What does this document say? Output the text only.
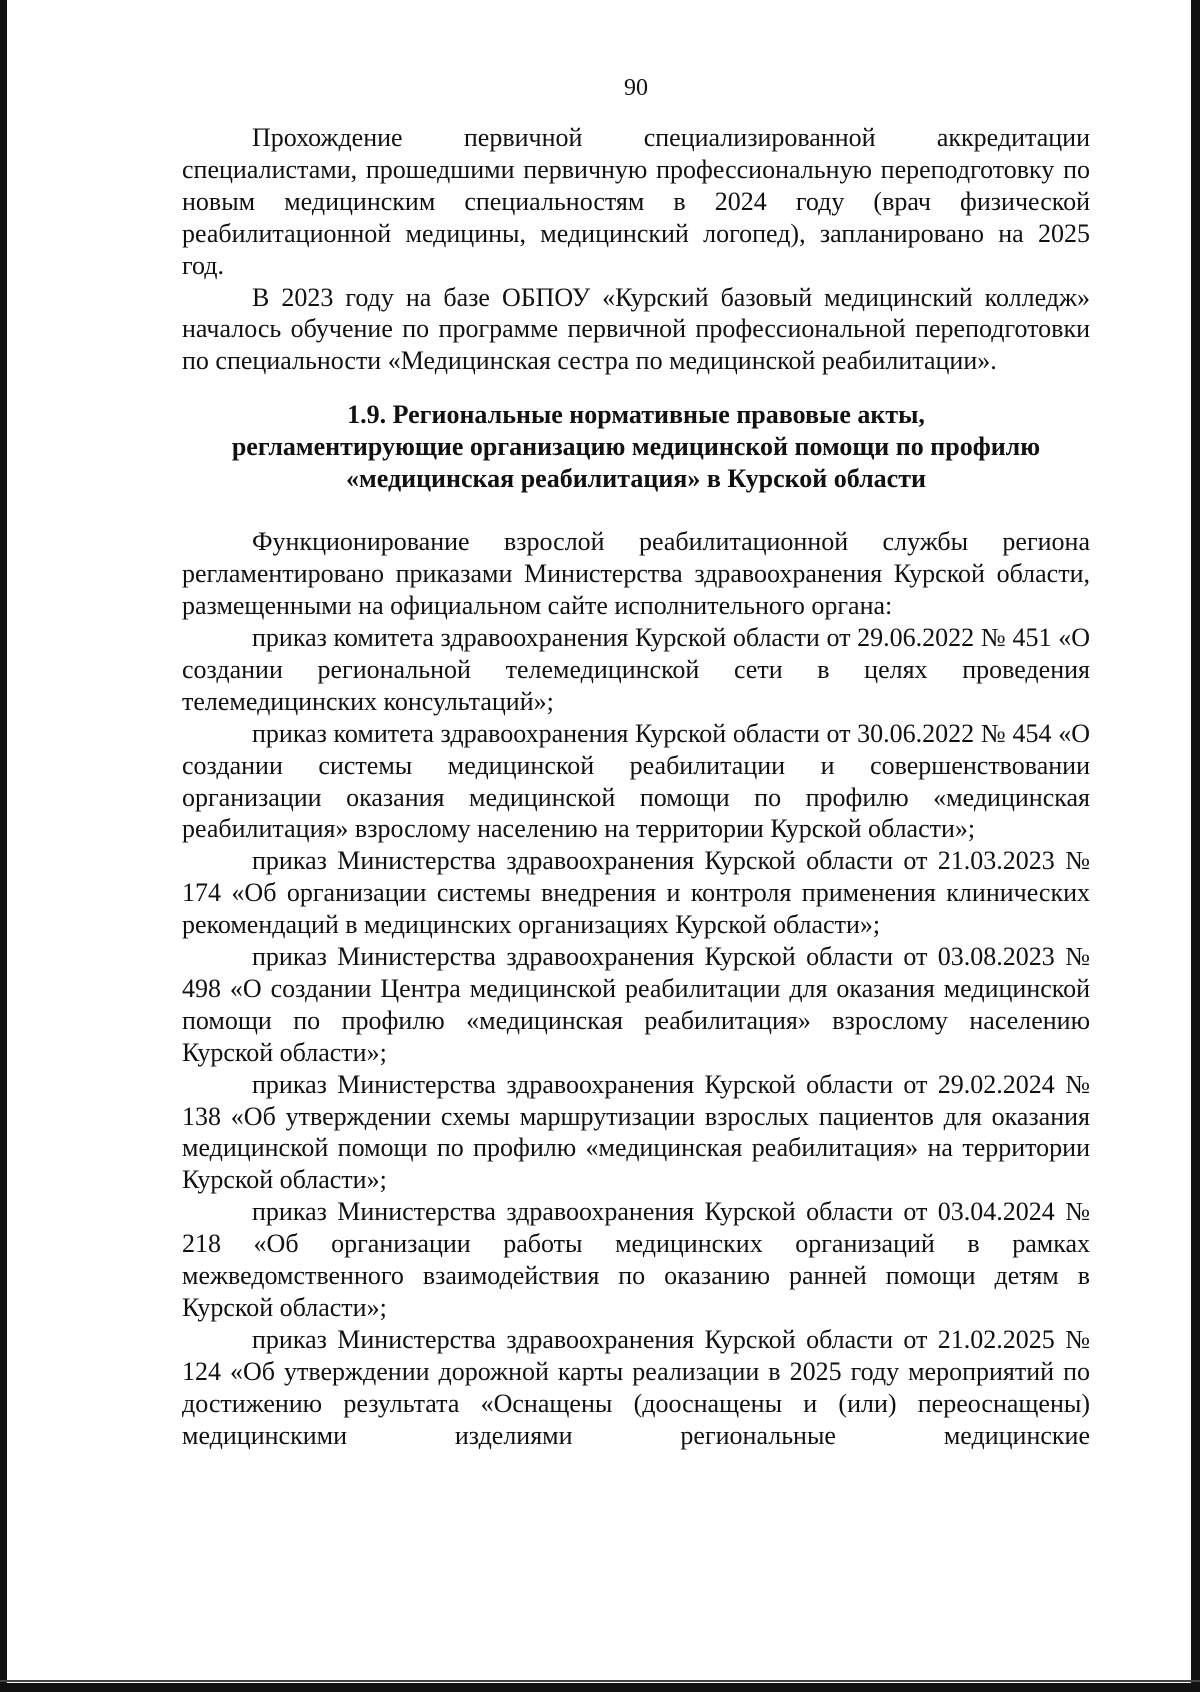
90

Прохождение первичной специализированной аккредитации специалистами, прошедшими первичную профессиональную переподготовку по новым медицинским специальностям в 2024 году (врач физической реабилитационной медицины, медицинский логопед), запланировано на 2025 год.

В 2023 году на базе ОБПОУ «Курский базовый медицинский колледж» началось обучение по программе первичной профессиональной переподготовки по специальности «Медицинская сестра по медицинской реабилитации».

1.9. Региональные нормативные правовые акты,
регламентирующие организацию медицинской помощи по профилю
«медицинская реабилитация» в Курской области

Функционирование взрослой реабилитационной службы региона регламентировано приказами Министерства здравоохранения Курской области, размещенными на официальном сайте исполнительного органа:

приказ комитета здравоохранения Курской области от 29.06.2022 № 451 «О создании региональной телемедицинской сети в целях проведения телемедицинских консультаций»;

приказ комитета здравоохранения Курской области от 30.06.2022 № 454 «О создании системы медицинской реабилитации и совершенствовании организации оказания медицинской помощи по профилю «медицинская реабилитация» взрослому населению на территории Курской области»;

приказ Министерства здравоохранения Курской области от 21.03.2023 № 174 «Об организации системы внедрения и контроля применения клинических рекомендаций в медицинских организациях Курской области»;

приказ Министерства здравоохранения Курской области от 03.08.2023 № 498 «О создании Центра медицинской реабилитации для оказания медицинской помощи по профилю «медицинская реабилитация» взрослому населению Курской области»;

приказ Министерства здравоохранения Курской области от 29.02.2024 № 138 «Об утверждении схемы маршрутизации взрослых пациентов для оказания медицинской помощи по профилю «медицинская реабилитация» на территории Курской области»;

приказ Министерства здравоохранения Курской области от 03.04.2024 № 218 «Об организации работы медицинских организаций в рамках межведомственного взаимодействия по оказанию ранней помощи детям в Курской области»;

приказ Министерства здравоохранения Курской области от 21.02.2025 № 124 «Об утверждении дорожной карты реализации в 2025 году мероприятий по достижению результата «Оснащены (дооснащены и (или) переоснащены) медицинскими изделиями региональные медицинские
